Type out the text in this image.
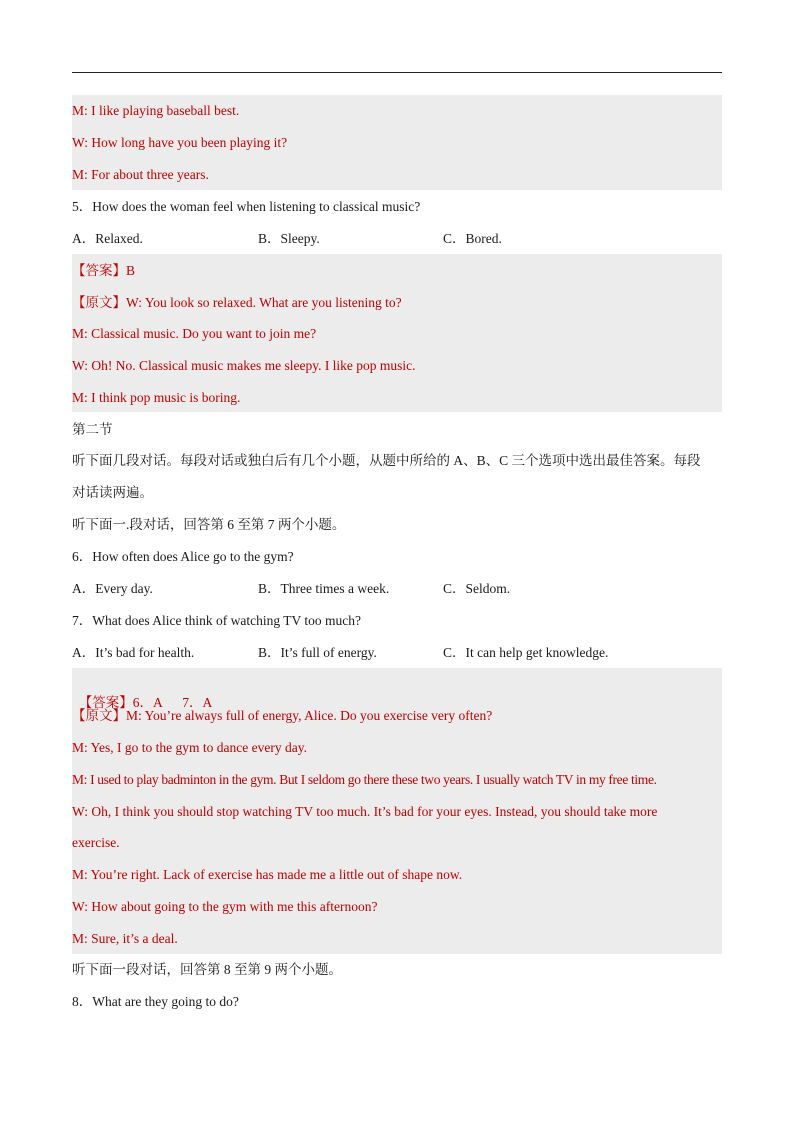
M: I like playing baseball best.
W: How long have you been playing it?
M: For about three years.
5．How does the woman feel when listening to classical music?
A．Relaxed.	B．Sleepy.	C．Bored.
【答案】B
【原文】W: You look so relaxed. What are you listening to?
M: Classical music. Do you want to join me?
W: Oh! No. Classical music makes me sleepy. I like pop music.
M: I think pop music is boring.
第二节
听下面几段对话。每段对话或独白后有几个小题，从题中所给的 A、B、C 三个选项中选出最佳答案。每段
对话读两遍。
听下面一.段对话，回答第 6 至第 7 两个小题。
6．How often does Alice go to the gym?
A．Every day.	B．Three times a week.	C．Seldom.
7．What does Alice think of watching TV too much?
A．It’s bad for health.	B．It’s full of energy.	C．It can help get knowledge.

【答案】6．A      7．A

【原文】M: You’re always full of energy, Alice. Do you exercise very often?
M: Yes, I go to the gym to dance every day.
M: I used to play badminton in the gym. But I seldom go there these two years. I usually watch TV in my free time.
W: Oh, I think you should stop watching TV too much. It’s bad for your eyes. Instead, you should take more
exercise.
M: You’re right. Lack of exercise has made me a little out of shape now.
W: How about going to the gym with me this afternoon?
M: Sure, it’s a deal.
听下面一段对话，回答第 8 至第 9 两个小题。
8．What are they going to do?
